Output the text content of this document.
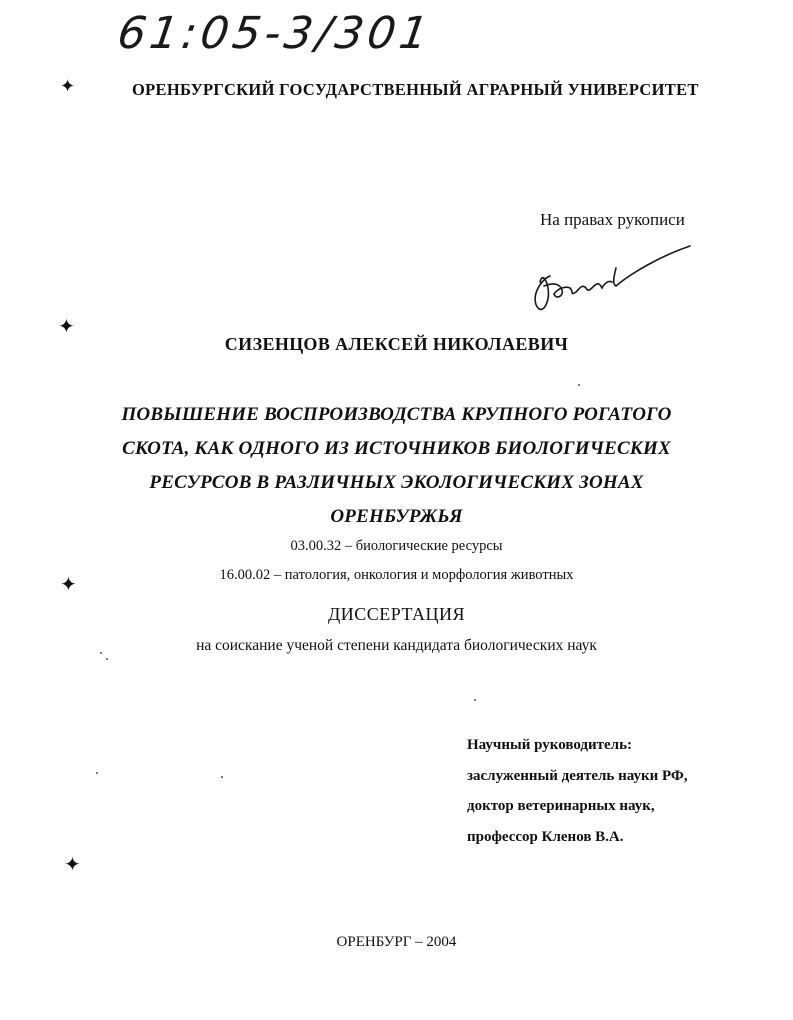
✦
✦
✦
✦
61:05-3/301
ОРЕНБУРГСКИЙ ГОСУДАРСТВЕННЫЙ АГРАРНЫЙ УНИВЕРСИТЕТ
На правах рукописи
СИЗЕНЦОВ АЛЕКСЕЙ НИКОЛАЕВИЧ
ПОВЫШЕНИЕ ВОСПРОИЗВОДСТВА КРУПНОГО РОГАТОГО
СКОТА, КАК ОДНОГО ИЗ ИСТОЧНИКОВ БИОЛОГИЧЕСКИХ
РЕСУРСОВ В РАЗЛИЧНЫХ ЭКОЛОГИЧЕСКИХ ЗОНАХ
ОРЕНБУРЖЬЯ
03.00.32 – биологические ресурсы
16.00.02 – патология, онкология и морфология животных
ДИССЕРТАЦИЯ
на соискание ученой степени кандидата биологических наук
Научный руководитель:
заслуженный деятель науки РФ,
доктор ветеринарных наук,
профессор Кленов В.А.
ОРЕНБУРГ – 2004
